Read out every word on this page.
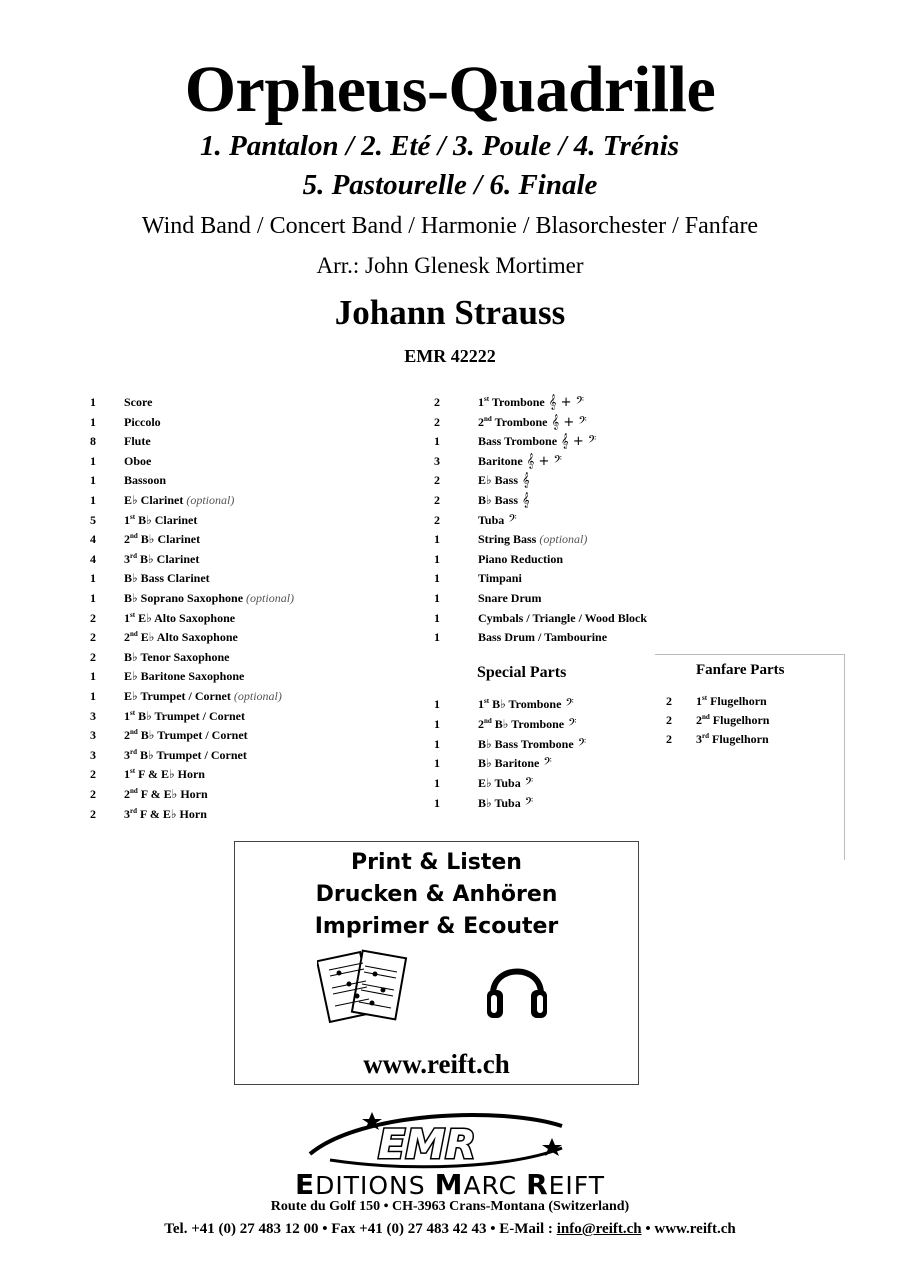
Orpheus-Quadrille
1. Pantalon / 2. Eté / 3. Poule / 4. Trénis
5. Pastourelle / 6. Finale
Wind Band / Concert Band / Harmonie / Blasorchester / Fanfare
Arr.: John Glenesk Mortimer
Johann Strauss
EMR 42222
1 Score
1 Piccolo
8 Flute
1 Oboe
1 Bassoon
1 E♭ Clarinet (optional)
5 1st B♭ Clarinet
4 2nd B♭ Clarinet
4 3rd B♭ Clarinet
1 B♭ Bass Clarinet
1 B♭ Soprano Saxophone (optional)
2 1st E♭ Alto Saxophone
2 2nd E♭ Alto Saxophone
2 B♭ Tenor Saxophone
1 E♭ Baritone Saxophone
1 E♭ Trumpet / Cornet (optional)
3 1st B♭ Trumpet / Cornet
3 2nd B♭ Trumpet / Cornet
3 3rd B♭ Trumpet / Cornet
2 1st F & E♭ Horn
2 2nd F & E♭ Horn
2 3rd F & E♭ Horn
2	1st Trombone 𝄞 + 𝄢
2	2nd Trombone 𝄞 + 𝄢
1	Bass Trombone 𝄞 + 𝄢
3	Baritone 𝄞 + 𝄢
2	E♭ Bass 𝄞
2	B♭ Bass 𝄞
2	Tuba 𝄢
1	String Bass (optional)
1	Piano Reduction
1	Timpani
1	Snare Drum
1	Cymbals / Triangle / Wood Block
1	Bass Drum / Tambourine
Special Parts
1	1st B♭ Trombone 𝄢
1	2nd B♭ Trombone 𝄢
1	B♭ Bass Trombone 𝄢
1	B♭ Baritone 𝄢
1	E♭ Tuba 𝄢
1	B♭ Tuba 𝄢
Fanfare Parts
2 1st Flugelhorn
2 2nd Flugelhorn
2 3rd Flugelhorn
Print & Listen
Drucken & Anhören
Imprimer & Ecouter
www.reift.ch
EMR
EDITIONS MARC REIFT
Route du Golf 150 • CH-3963 Crans-Montana (Switzerland)
Tel. +41 (0) 27 483 12 00 • Fax +41 (0) 27 483 42 43 • E-Mail : info@reift.ch • www.reift.ch
